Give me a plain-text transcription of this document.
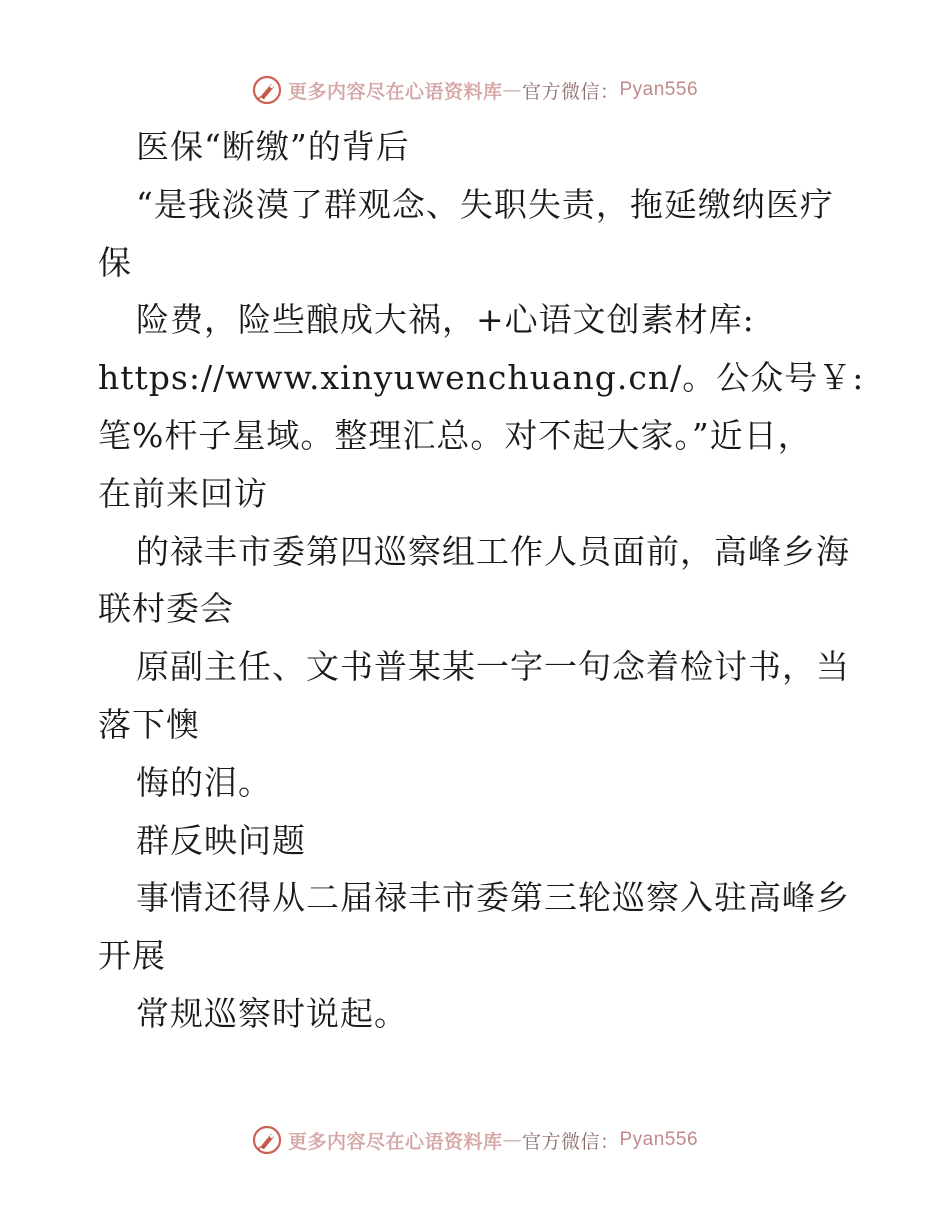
更多内容尽在心语资料库 — 官方微信： Pyan556
医保“断缴”的背后
“是我淡漠了群观念、失职失责，拖延缴纳医疗
保
险费，险些酿成大祸，+心语文创素材库:
https://www.xinyuwenchuang.cn/。公众号￥:
笔%杆子星域。整理汇总。对不起大家。”近日，
在前来回访
的禄丰市委第四巡察组工作人员面前，高峰乡海
联村委会
原副主任、文书普某某一字一句念着检讨书，当
落下懊
悔的泪。
群反映问题
事情还得从二届禄丰市委第三轮巡察入驻高峰乡
开展
常规巡察时说起。
更多内容尽在心语资料库 — 官方微信： Pyan556
